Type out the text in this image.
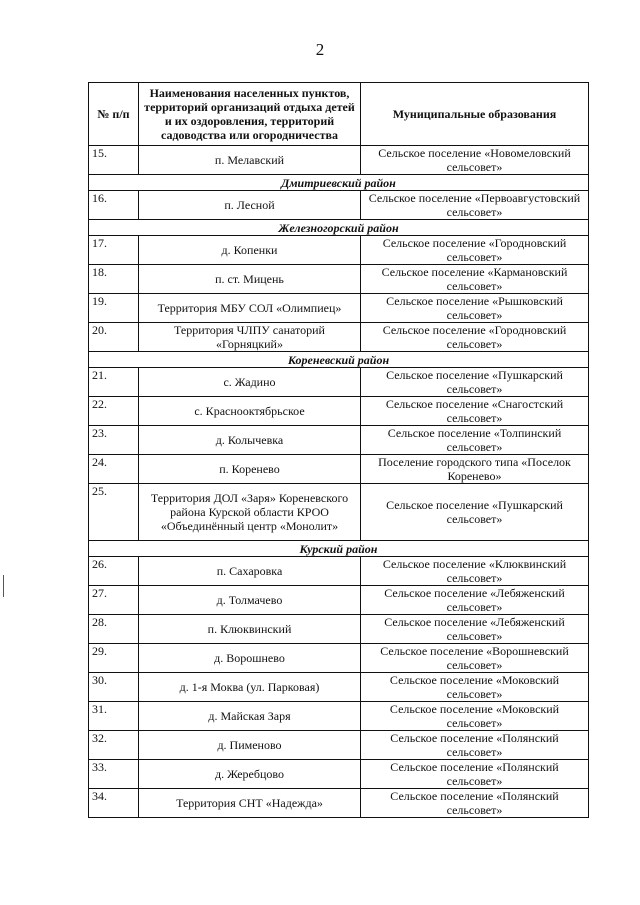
2
№ п/п	Наименования населенных пунктов, территорий организаций отдыха детей и их оздоровления, территорий садоводства или огородничества	Муниципальные образования
15.	п. Мелавский	Сельское поселение «Новомеловский сельсовет»
Дмитриевский район		
16.	п. Лесной	Сельское поселение «Первоавгустовский сельсовет»
Железногорский район		
17.	д. Копенки	Сельское поселение «Городновский сельсовет»
18.	п. ст. Мицень	Сельское поселение «Кармановский сельсовет»
19.	Территория МБУ СОЛ «Олимпиец»	Сельское поселение «Рышковский сельсовет»
20.	Территория ЧЛПУ санаторий «Горняцкий»	Сельское поселение «Городновский сельсовет»
Кореневский район		
21.	с. Жадино	Сельское поселение «Пушкарский сельсовет»
22.	с. Краснооктябрьское	Сельское поселение «Снагостский сельсовет»
23.	д. Колычевка	Сельское поселение «Толпинский сельсовет»
24.	п. Коренево	Поселение городского типа «Поселок Коренево»
25.	Территория ДОЛ «Заря» Кореневского района Курской области КРОО «Объединённый центр «Монолит»	Сельское поселение «Пушкарский сельсовет»
Курский район		
26.	п. Сахаровка	Сельское поселение «Клюквинский сельсовет»
27.	д. Толмачево	Сельское поселение «Лебяженский сельсовет»
28.	п. Клюквинский	Сельское поселение «Лебяженский сельсовет»
29.	д. Ворошнево	Сельское поселение «Ворошневский сельсовет»
30.	д. 1-я Моква (ул. Парковая)	Сельское поселение «Моковский сельсовет»
31.	д. Майская Заря	Сельское поселение «Моковский сельсовет»
32.	д. Пименово	Сельское поселение «Полянский сельсовет»
33.	д. Жеребцово	Сельское поселение «Полянский сельсовет»
34.	Территория СНТ «Надежда»	Сельское поселение «Полянский сельсовет»
